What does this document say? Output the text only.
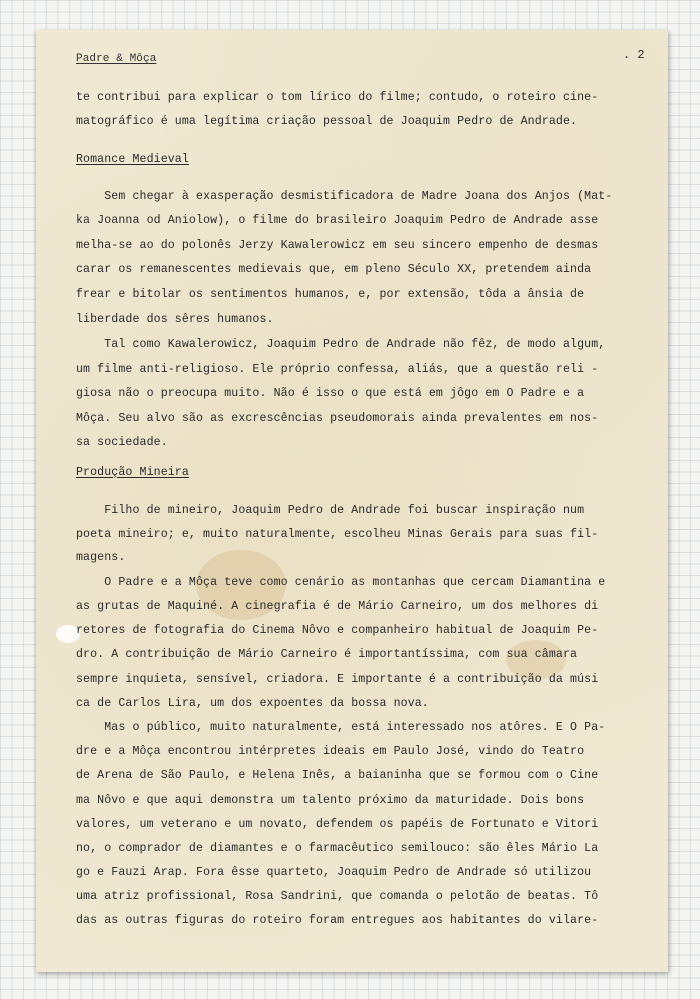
Padre & Môça	. 2

te contribui para explicar o tom lírico do filme; contudo, o roteiro cine-

matográfico é uma legítima criação pessoal de Joaquim Pedro de Andrade.

Romance Medieval

Sem chegar à exasperação desmistificadora de Madre Joana dos Anjos (Mat-

ka Joanna od Aniolow), o filme do brasileiro Joaquim Pedro de Andrade asse

melha-se ao do polonês Jerzy Kawalerowicz em seu sincero empenho de desmas

carar os remanescentes medievais que, em pleno Século XX, pretendem ainda

frear e bitolar os sentimentos humanos, e, por extensão, tôda a ânsia de

liberdade dos sêres humanos.

Tal como Kawalerowicz, Joaquim Pedro de Andrade não fêz, de modo algum,

um filme anti-religioso. Ele próprio confessa, aliás, que a questão reli -

giosa não o preocupa muito. Não é isso o que está em jôgo em O Padre e a

Môça. Seu alvo são as excrescências pseudomorais ainda prevalentes em nos-

sa sociedade.

Produção Mineira

Filho de mineiro, Joaquim Pedro de Andrade foi buscar inspiração num

poeta mineiro; e, muito naturalmente, escolheu Minas Gerais para suas fil-

magens.

O Padre e a Môça teve como cenário as montanhas que cercam Diamantina e

as grutas de Maquiné. A cinegrafia é de Mário Carneiro, um dos melhores di

retores de fotografia do Cinema Nôvo e companheiro habitual de Joaquim Pe-

dro. A contribuição de Mário Carneiro é importantíssima, com sua câmara

sempre inquieta, sensível, criadora. E importante é a contribuição da músi

ca de Carlos Lira, um dos expoentes da bossa nova.

Mas o público, muito naturalmente, está interessado nos atôres. E O Pa-

dre e a Môça encontrou intérpretes ideais em Paulo José, vindo do Teatro

de Arena de São Paulo, e Helena Inês, a baianinha que se formou com o Cine

ma Nôvo e que aqui demonstra um talento próximo da maturidade. Dois bons

valores, um veterano e um novato, defendem os papéis de Fortunato e Vitori

no, o comprador de diamantes e o farmacêutico semilouco: são êles Mário La

go e Fauzi Arap. Fora êsse quarteto, Joaquim Pedro de Andrade só utilizou

uma atriz profissional, Rosa Sandrini, que comanda o pelotão de beatas. Tô

das as outras figuras do roteiro foram entregues aos habitantes do vilare-
